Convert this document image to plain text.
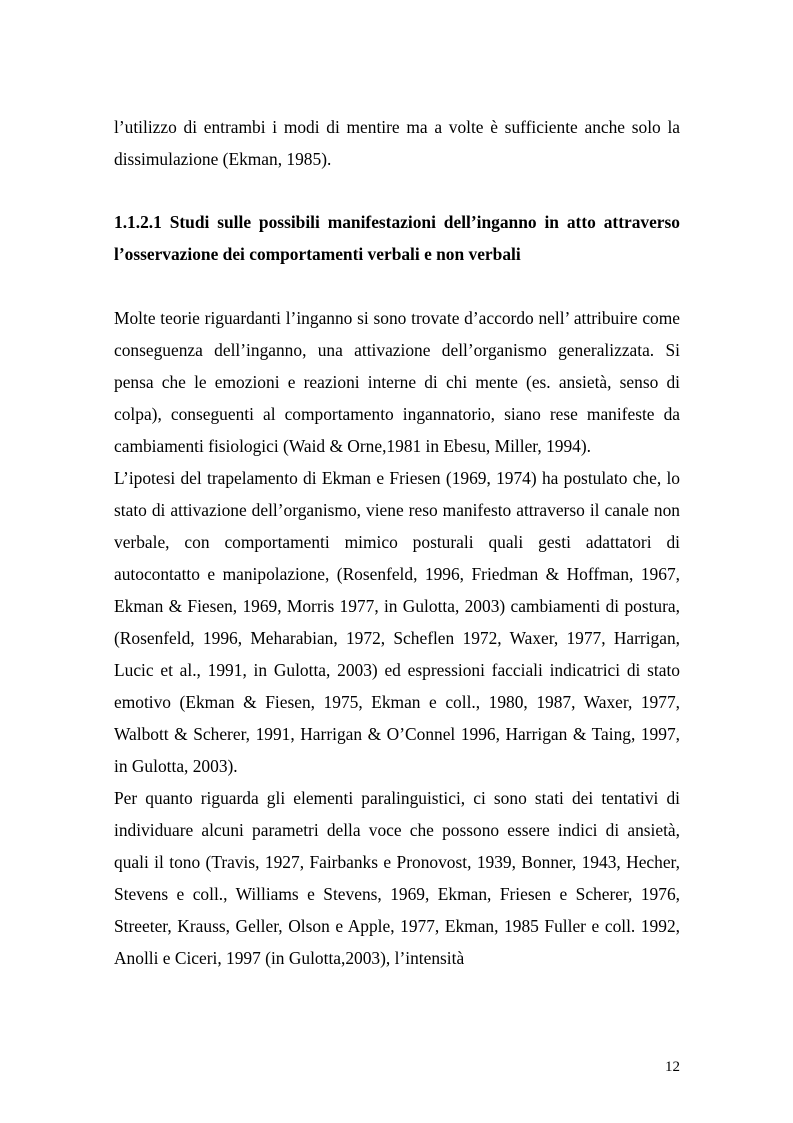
l’utilizzo di entrambi i modi di mentire ma a volte è sufficiente anche solo la dissimulazione (Ekman, 1985).

1.1.2.1 Studi sulle possibili manifestazioni dell’inganno in atto attraverso l’osservazione dei comportamenti verbali e non verbali

Molte teorie riguardanti l’inganno si sono trovate d’accordo nell’ attribuire come conseguenza dell’inganno, una attivazione dell’organismo generalizzata. Si pensa che le emozioni e reazioni interne di chi mente (es. ansietà, senso di colpa), conseguenti al comportamento ingannatorio, siano rese manifeste da cambiamenti fisiologici (Waid & Orne,1981 in Ebesu, Miller, 1994).

L’ipotesi del trapelamento di Ekman e Friesen (1969, 1974) ha postulato che, lo stato di attivazione dell’organismo, viene reso manifesto attraverso il canale non verbale, con comportamenti mimico posturali quali gesti adattatori di autocontatto e manipolazione, (Rosenfeld, 1996, Friedman & Hoffman, 1967, Ekman & Fiesen, 1969, Morris 1977, in Gulotta, 2003) cambiamenti di postura, (Rosenfeld, 1996, Meharabian, 1972, Scheflen 1972, Waxer, 1977, Harrigan, Lucic et al., 1991, in Gulotta, 2003) ed espressioni facciali indicatrici di stato emotivo (Ekman & Fiesen, 1975, Ekman e coll., 1980, 1987, Waxer, 1977, Walbott & Scherer, 1991, Harrigan & O’Connel 1996, Harrigan & Taing, 1997, in Gulotta, 2003).

Per quanto riguarda gli elementi paralinguistici, ci sono stati dei tentativi di individuare alcuni parametri della voce che possono essere indici di ansietà, quali il tono (Travis, 1927, Fairbanks e Pronovost, 1939, Bonner, 1943, Hecher, Stevens e coll., Williams e Stevens, 1969, Ekman, Friesen e Scherer, 1976, Streeter, Krauss, Geller, Olson e Apple, 1977, Ekman, 1985 Fuller e coll. 1992, Anolli e Ciceri, 1997 (in Gulotta,2003), l’intensità

12
